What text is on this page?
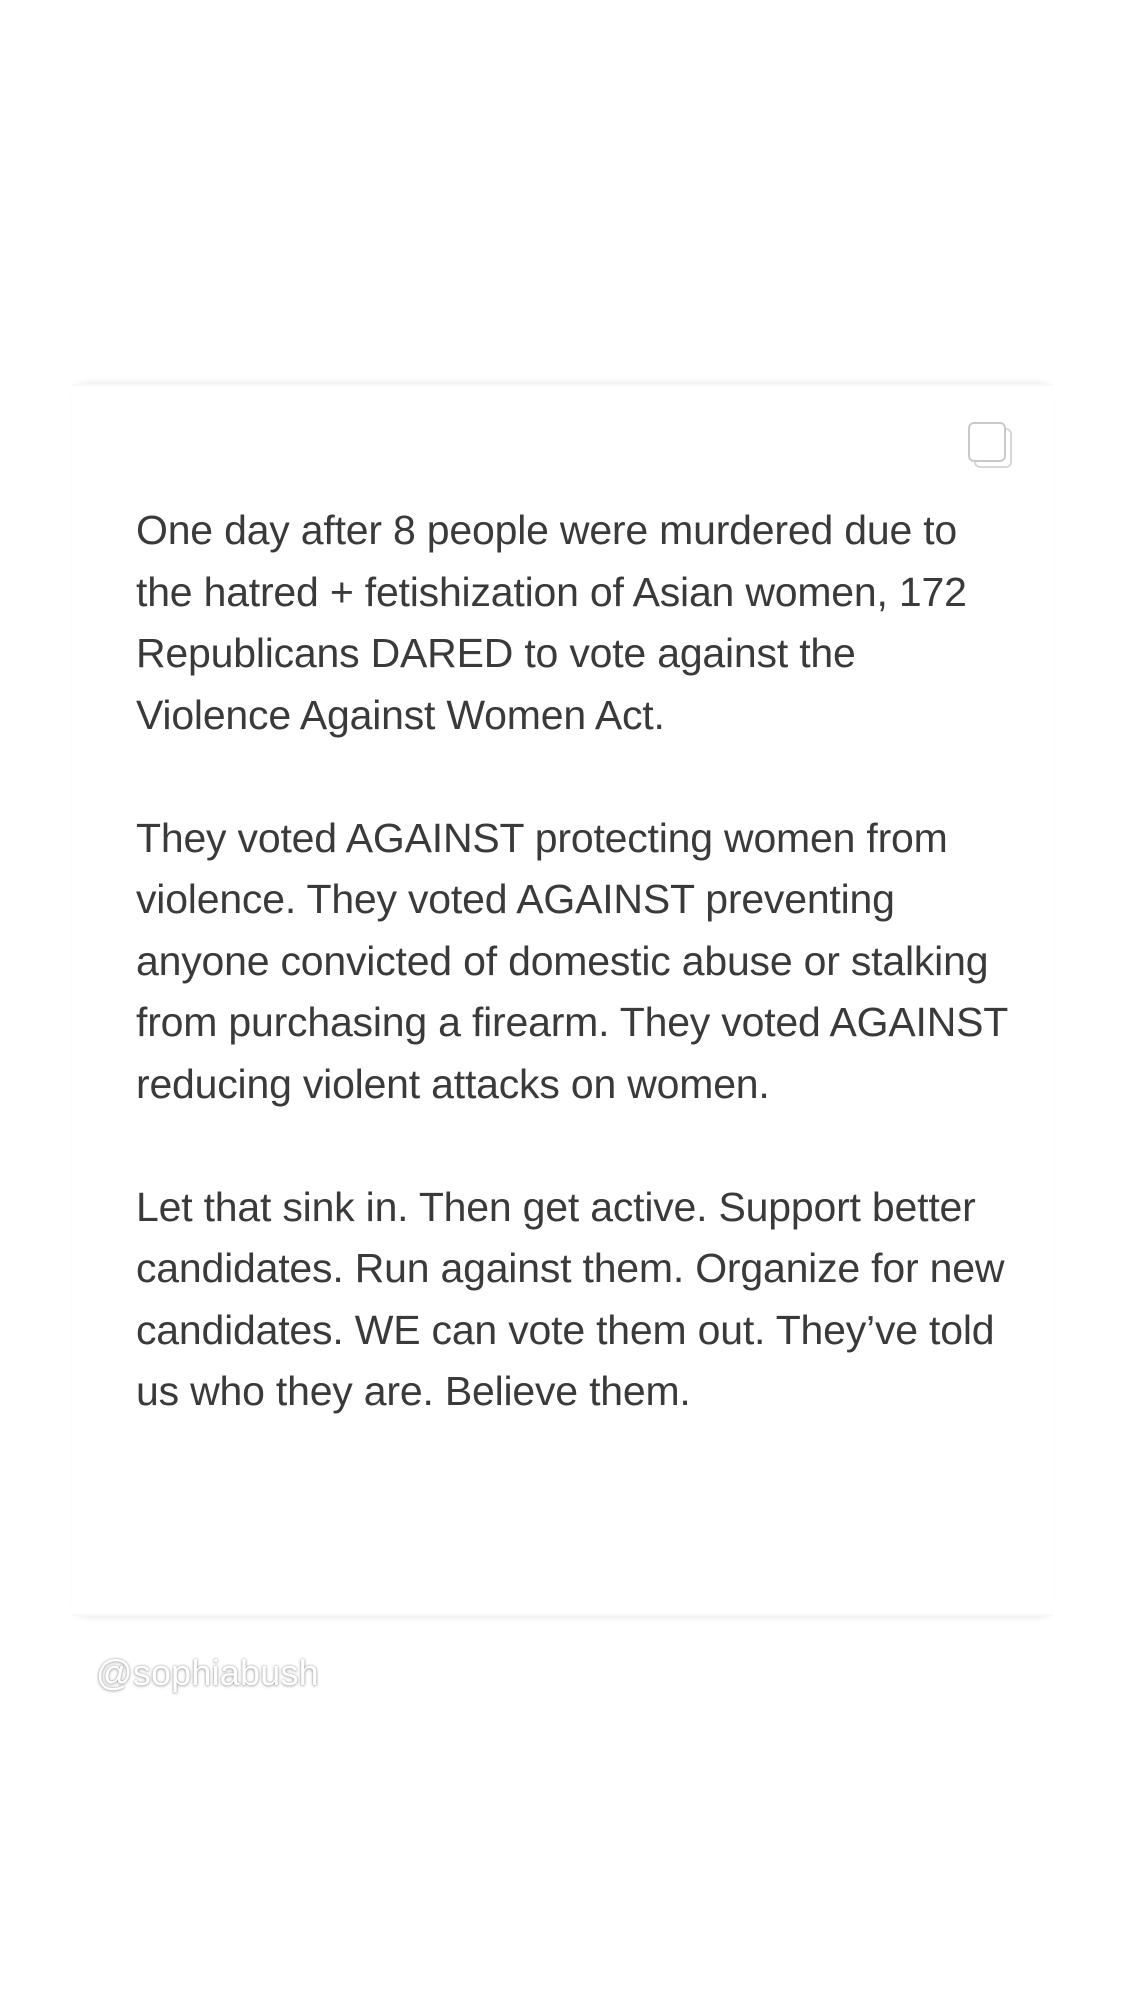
One day after 8 people were murdered due to the hatred + fetishization of Asian women, 172 Republicans DARED to vote against the Violence Against Women Act.

They voted AGAINST protecting women from violence. They voted AGAINST preventing anyone convicted of domestic abuse or stalking from purchasing a firearm. They voted AGAINST reducing violent attacks on women.

Let that sink in. Then get active. Support better candidates. Run against them. Organize for new candidates. WE can vote them out. They’ve told us who they are. Believe them.

@sophiabush
